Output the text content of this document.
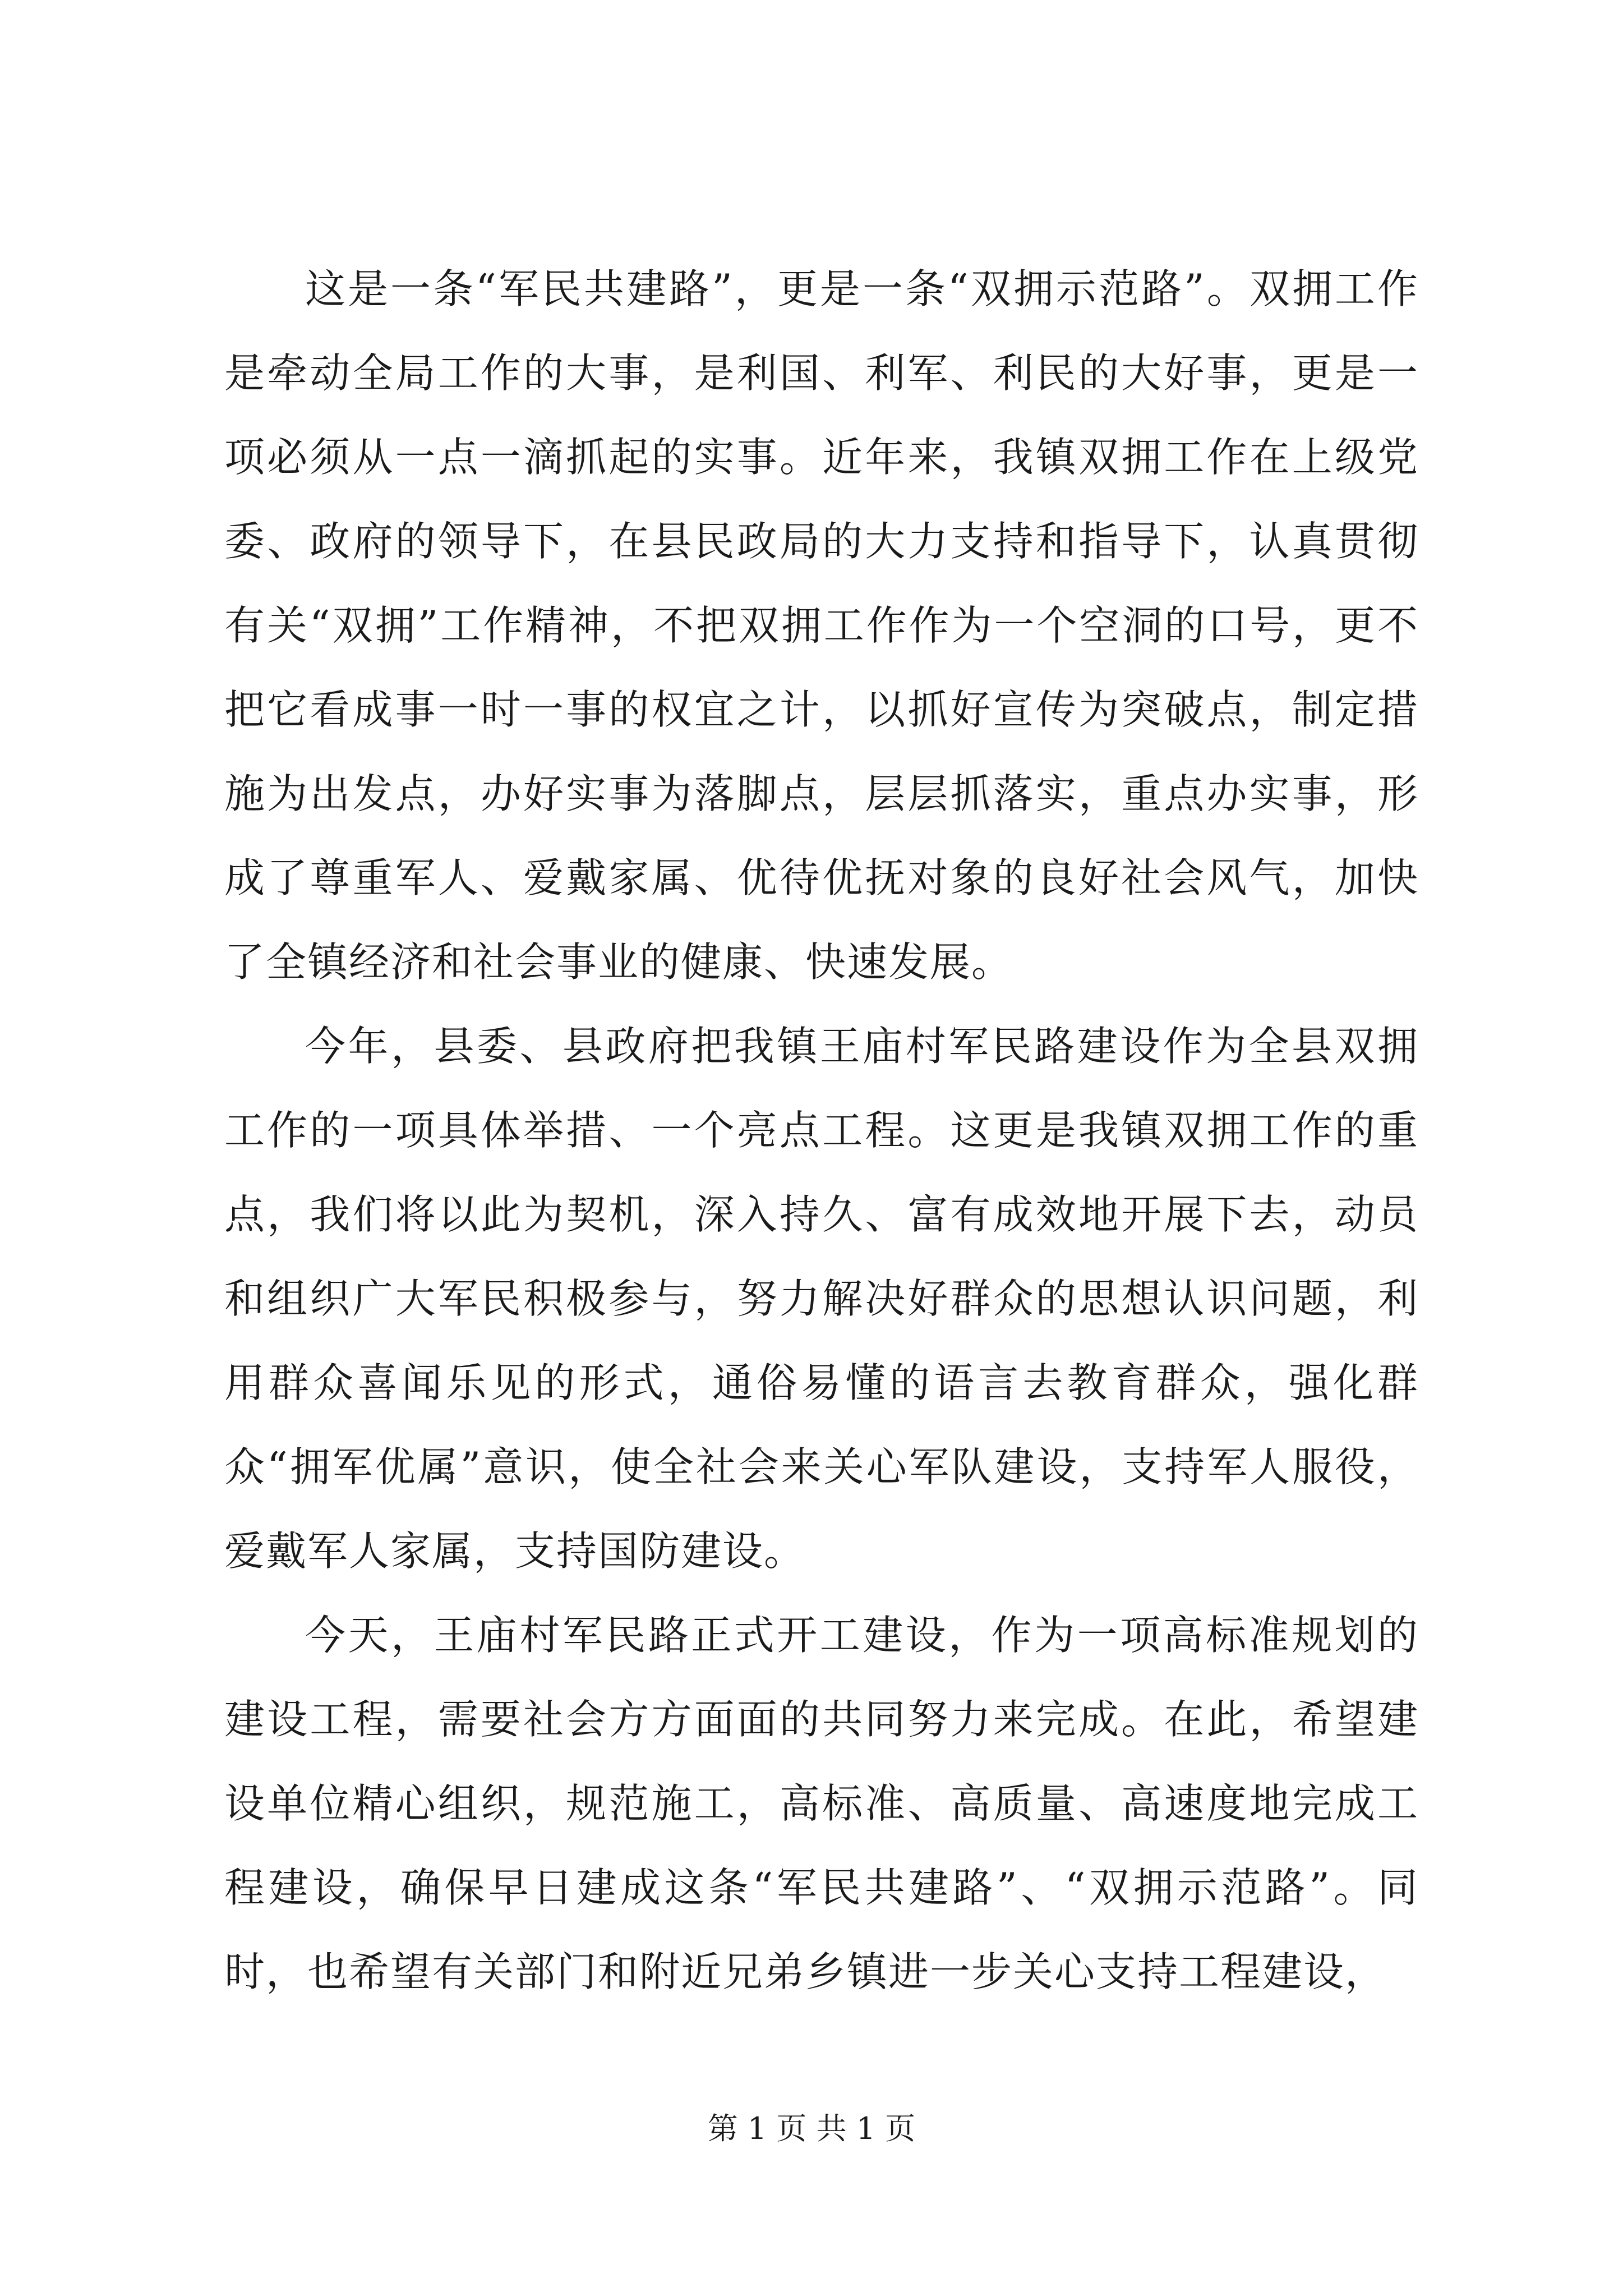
这是一条“军民共建路”，更是一条“双拥示范路”。双拥工作是牵动全局工作的大事，是利国、利军、利民的大好事，更是一项必须从一点一滴抓起的实事。近年来，我镇双拥工作在上级党委、政府的领导下，在县民政局的大力支持和指导下，认真贯彻有关“双拥”工作精神，不把双拥工作作为一个空洞的口号，更不把它看成事一时一事的权宜之计，以抓好宣传为突破点，制定措施为出发点，办好实事为落脚点，层层抓落实，重点办实事，形成了尊重军人、爱戴家属、优待优抚对象的良好社会风气，加快了全镇经济和社会事业的健康、快速发展。

今年，县委、县政府把我镇王庙村军民路建设作为全县双拥工作的一项具体举措、一个亮点工程。这更是我镇双拥工作的重点，我们将以此为契机，深入持久、富有成效地开展下去，动员和组织广大军民积极参与，努力解决好群众的思想认识问题，利用群众喜闻乐见的形式，通俗易懂的语言去教育群众，强化群众“拥军优属”意识，使全社会来关心军队建设，支持军人服役，爱戴军人家属，支持国防建设。

今天，王庙村军民路正式开工建设，作为一项高标准规划的建设工程，需要社会方方面面的共同努力来完成。在此，希望建设单位精心组织，规范施工，高标准、高质量、高速度地完成工程建设，确保早日建成这条“军民共建路”、“双拥示范路”。同时，也希望有关部门和附近兄弟乡镇进一步关心支持工程建设，

第 1 页 共 1 页
